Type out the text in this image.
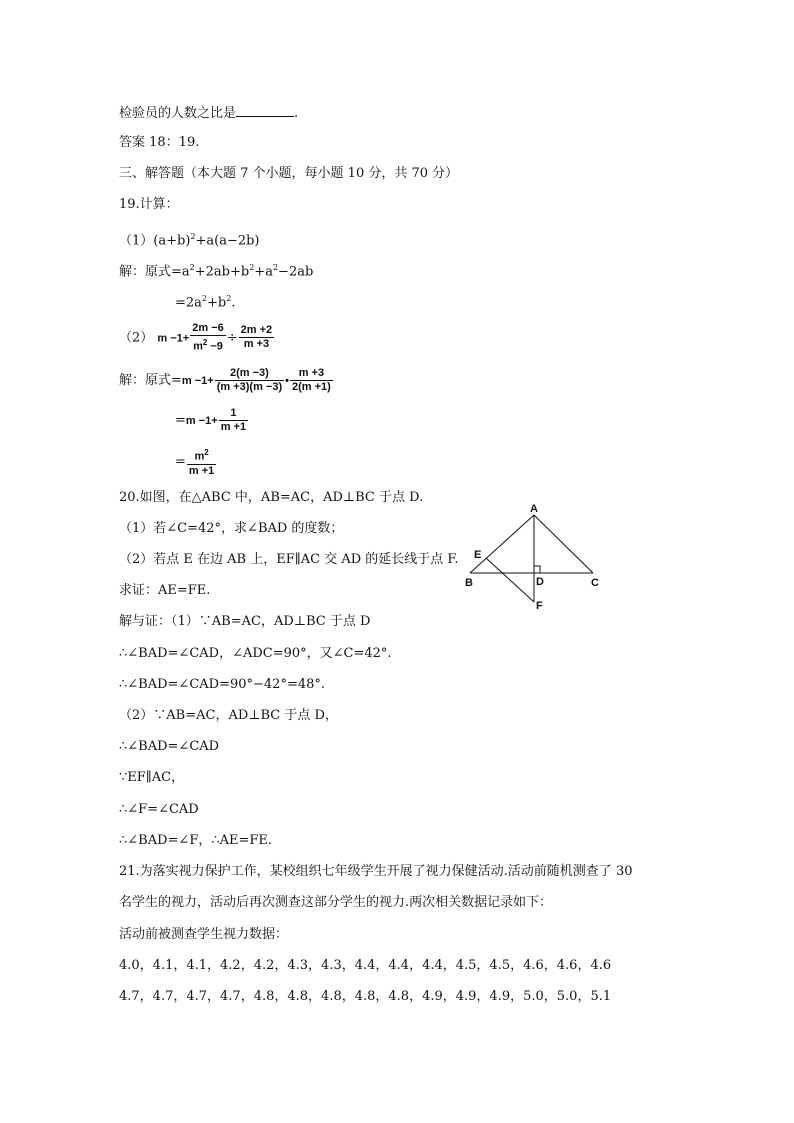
检验员的人数之比是	.
答案 18：19.
三、解答题（本大题 7 个小题，每小题 10 分，共 70 分）
19.计算：
$(1)(a+b)^2+a(a-2b)$
解：原式$=a^2+2ab+b^2+a^2-2ab$
$=2a^2+b^2$.
（2） $m -1+ \frac{2m -6}{m^2 -9} \div \frac{2m +2}{m +3}$
解：原式$=m -1+ \frac{2(m -3)}{(m +3)(m -3)}$ • $\frac{m +3}{2(m +1)}$
$=m -1+ \frac{1}{m +1}$
= $\frac{m^2}{m +1}$
20.如图，在△ABC 中，AB=AC，AD⊥BC 于点 D.
（1）若∠C=42°，求∠BAD 的度数；
（2）若点 E 在边 AB 上，EF∥AC 交 AD 的延长线于点 F.
求证：AE=FE.
A
B	C
D
E
F
解与证：（1）∵AB=AC，AD⊥BC 于点 D
∴∠BAD=∠CAD，∠ADC=90°，又∠C=42°.
∴∠BAD=∠CAD=90°−42°=48°.
（2）∵AB=AC，AD⊥BC 于点 D，
∴∠BAD=∠CAD
∵EF∥AC，
∴∠F=∠CAD
∴∠BAD=∠F，∴AE=FE.
21.为落实视力保护工作，某校组织七年级学生开展了视力保健活动.活动前随机测查了 30
名学生的视力，活动后再次测查这部分学生的视力.两次相关数据记录如下：
活动前被测查学生视力数据：
4.0，4.1，4.1，4.2，4.2，4.3，4.3，4.4，4.4，4.4，4.5，4.5，4.6，4.6，4.6
4.7，4.7，4.7，4.7，4.8，4.8，4.8，4.8，4.8，4.9，4.9，4.9，5.0，5.0，5.1
